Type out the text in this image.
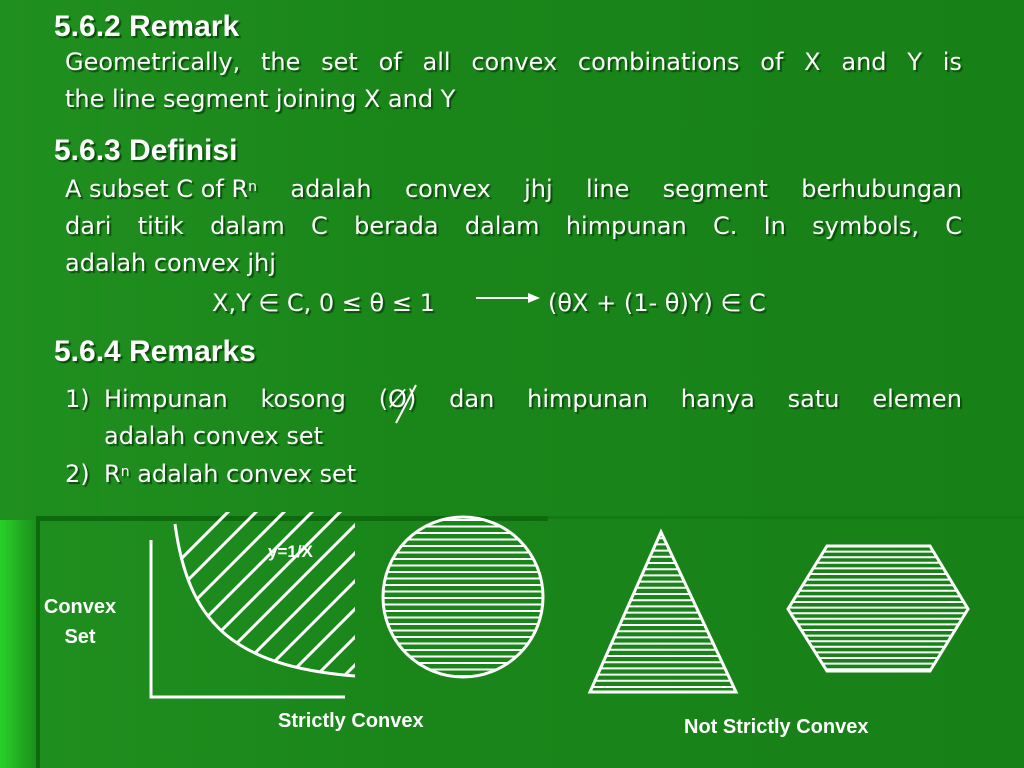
5.6.2 Remark
Geometrically, the set of all convex combinations of X and Y is
the line segment joining X and Y
5.6.3 Definisi
A subset C of $R^n$ adalah convex jhj line segment berhubungan
dari titik dalam C berada dalam himpunan C. In symbols, C
adalah convex jhj
X,Y ∈ C, 0 ≤ θ ≤ 1	(θX + (1- θ)Y) ∈ C
5.6.4 Remarks
1) Himpunan kosong (Ø) dan himpunan hanya satu elemen
adalah convex set
2) $R^n$ adalah convex set
Convex
Set
y=1/X
Strictly Convex	Not Strictly Convex
